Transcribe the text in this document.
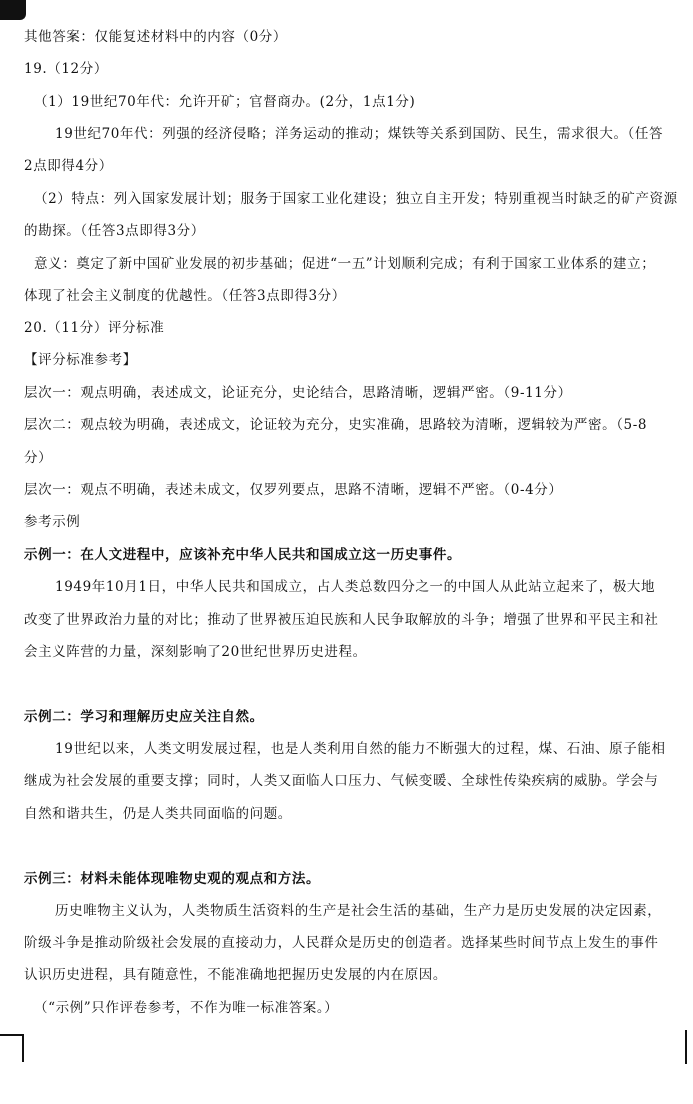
其他答案：仅能复述材料中的内容（0分）
19.（12分）
（1）19世纪70年代：允许开矿；官督商办。(2分，1点1分)
19世纪70年代：列强的经济侵略；洋务运动的推动；煤铁等关系到国防、民生，需求很大。（任答
2点即得4分）
（2）特点：列入国家发展计划；服务于国家工业化建设；独立自主开发；特别重视当时缺乏的矿产资源
的勘探。（任答3点即得3分）
意义：奠定了新中国矿业发展的初步基础；促进“一五”计划顺利完成；有利于国家工业体系的建立；
体现了社会主义制度的优越性。（任答3点即得3分）
20.（11分）评分标准
【评分标准参考】
层次一：观点明确，表述成文，论证充分，史论结合，思路清晰，逻辑严密。（9-11分）
层次二：观点较为明确，表述成文，论证较为充分，史实准确，思路较为清晰，逻辑较为严密。（5-8
分）
层次一：观点不明确，表述未成文，仅罗列要点，思路不清晰，逻辑不严密。（0-4分）
参考示例
示例一：在人文进程中，应该补充中华人民共和国成立这一历史事件。
1949年10月1日，中华人民共和国成立，占人类总数四分之一的中国人从此站立起来了，极大地
改变了世界政治力量的对比；推动了世界被压迫民族和人民争取解放的斗争；增强了世界和平民主和社
会主义阵营的力量，深刻影响了20世纪世界历史进程。
示例二：学习和理解历史应关注自然。
19世纪以来，人类文明发展过程，也是人类利用自然的能力不断强大的过程，煤、石油、原子能相
继成为社会发展的重要支撑；同时，人类又面临人口压力、气候变暖、全球性传染疾病的威胁。学会与
自然和谐共生，仍是人类共同面临的问题。
示例三：材料未能体现唯物史观的观点和方法。
历史唯物主义认为，人类物质生活资料的生产是社会生活的基础，生产力是历史发展的决定因素，
阶级斗争是推动阶级社会发展的直接动力，人民群众是历史的创造者。选择某些时间节点上发生的事件
认识历史进程，具有随意性，不能准确地把握历史发展的内在原因。
（“示例”只作评卷参考，不作为唯一标准答案。）
